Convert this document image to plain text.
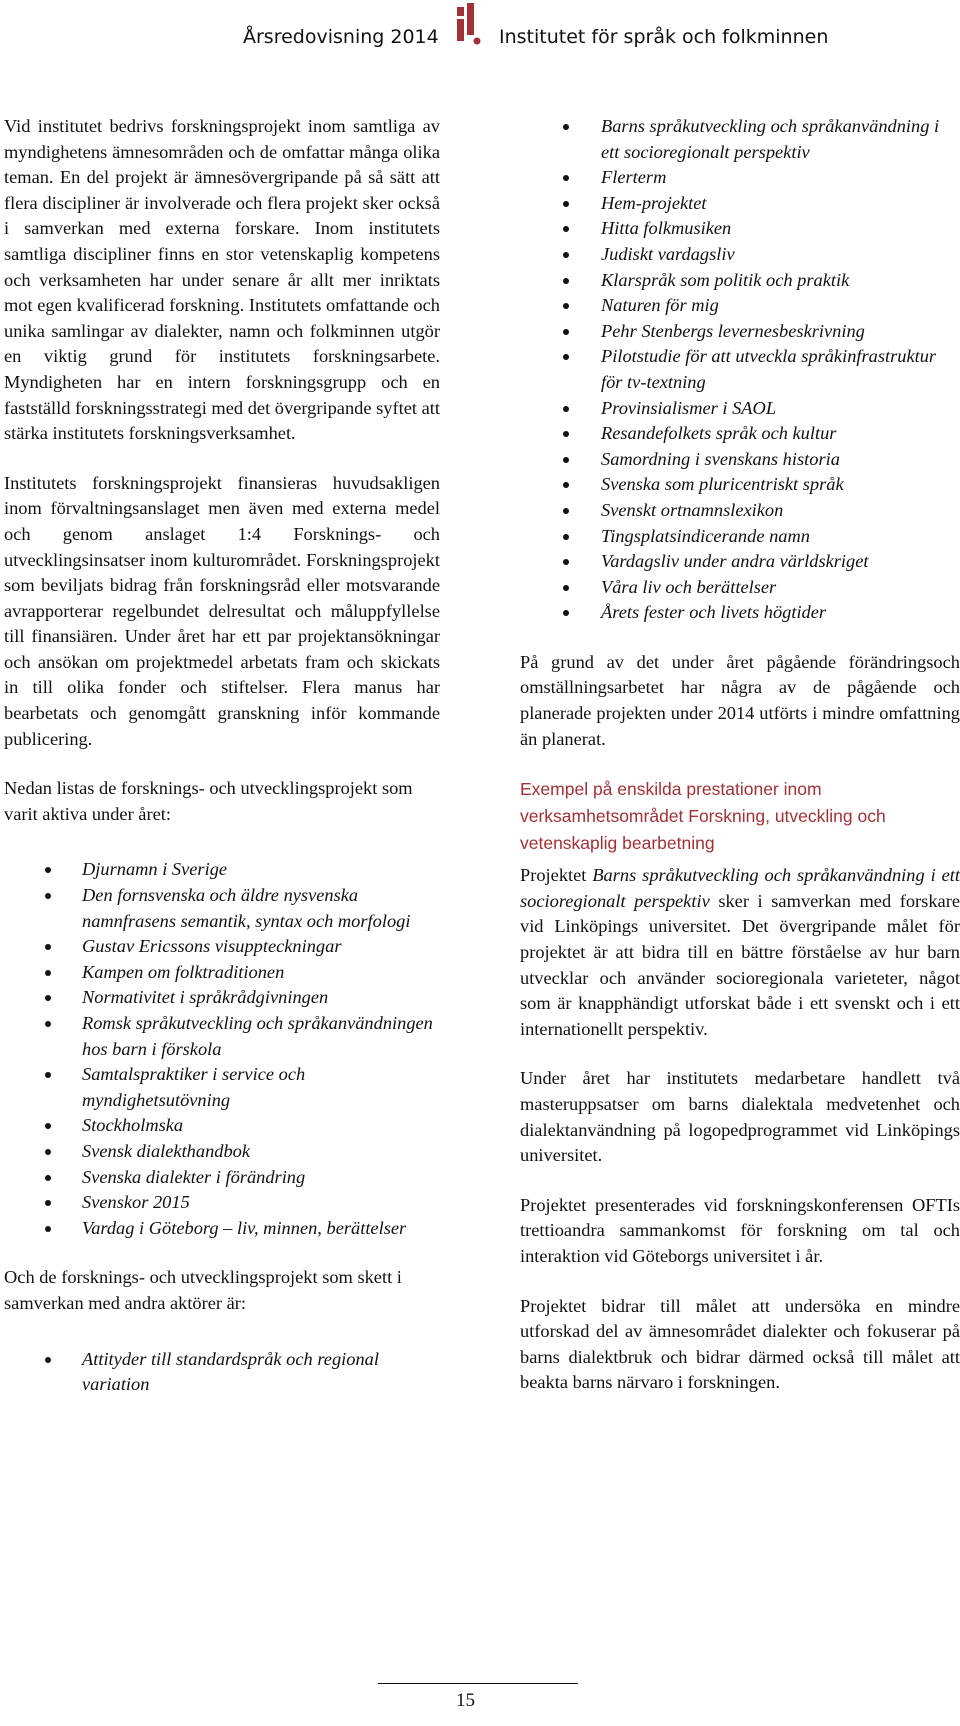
Årsredovisning 2014	Institutet för språk och folkminnen

Vid institutet bedrivs forskningsprojekt inom samtliga av myndighetens ämnesområden och de omfattar många olika teman. En del projekt är ämnesövergripande på så sätt att flera discipliner är involverade och flera projekt sker också i samverkan med externa forskare. Inom institutets samtliga discipliner finns en stor vetenskaplig kompetens och verksamheten har under senare år allt mer inriktats mot egen kvalificerad forskning. Institutets omfattande och unika samlingar av dialekter, namn och folkminnen utgör en viktig grund för institutets forskningsarbete. Myndigheten har en intern forskningsgrupp och en fastställd forskningsstrategi med det övergripande syftet att stärka institutets forskningsverksamhet.

Institutets forskningsprojekt finansieras huvudsakligen inom förvaltningsanslaget men även med externa medel och genom anslaget 1:4 Forsknings- och utvecklingsinsatser inom kulturområdet. Forskningsprojekt som beviljats bidrag från forskningsråd eller motsvarande avrapporterar regelbundet delresultat och måluppfyllelse till finansiären. Under året har ett par projektansökningar och ansökan om projektmedel arbetats fram och skickats in till olika fonder och stiftelser. Flera manus har bearbetats och genomgått granskning inför kommande publicering.

Nedan listas de forsknings- och utvecklingsprojekt som varit aktiva under året:

Djurnamn i Sverige
Den fornsvenska och äldre nysvenska namnfrasens semantik, syntax och morfologi
Gustav Ericssons visuppteckningar
Kampen om folktraditionen
Normativitet i språkrådgivningen
Romsk språkutveckling och språkanvändningen hos barn i förskola
Samtalspraktiker i service och myndighetsutövning
Stockholmska
Svensk dialekthandbok
Svenska dialekter i förändring
Svenskor 2015
Vardag i Göteborg – liv, minnen, berättelser

Och de forsknings- och utvecklingsprojekt som skett i samverkan med andra aktörer är:

Attityder till standardspråk och regional variation
Barns språkutveckling och språkanvändning i ett socioregionalt perspektiv
Flerterm
Hem-projektet
Hitta folkmusiken
Judiskt vardagsliv
Klarspråk som politik och praktik
Naturen för mig
Pehr Stenbergs levernesbeskrivning
Pilotstudie för att utveckla språkinfrastruktur för tv-textning
Provinsialismer i SAOL
Resandefolkets språk och kultur
Samordning i svenskans historia
Svenska som pluricentriskt språk
Svenskt ortnamnslexikon
Tingsplatsindicerande namn
Vardagsliv under andra världskriget
Våra liv och berättelser
Årets fester och livets högtider

På grund av det under året pågående förändringsoch omställningsarbetet har några av de pågående och planerade projekten under 2014 utförts i mindre omfattning än planerat.

Exempel på enskilda prestationer inom verksamhetsområdet Forskning, utveckling och vetenskaplig bearbetning

Projektet Barns språkutveckling och språkanvändning i ett socioregionalt perspektiv sker i samverkan med forskare vid Linköpings universitet. Det övergripande målet för projektet är att bidra till en bättre förståelse av hur barn utvecklar och använder socioregionala varieteter, något som är knapphändigt utforskat både i ett svenskt och i ett internationellt perspektiv.

Under året har institutets medarbetare handlett två masteruppsatser om barns dialektala medvetenhet och dialektanvändning på logopedprogrammet vid Linköpings universitet.

Projektet presenterades vid forskningskonferensen OFTIs trettioandra sammankomst för forskning om tal och interaktion vid Göteborgs universitet i år.

Projektet bidrar till målet att undersöka en mindre utforskad del av ämnesområdet dialekter och fokuserar på barns dialektbruk och bidrar därmed också till målet att beakta barns närvaro i forskningen.

15
